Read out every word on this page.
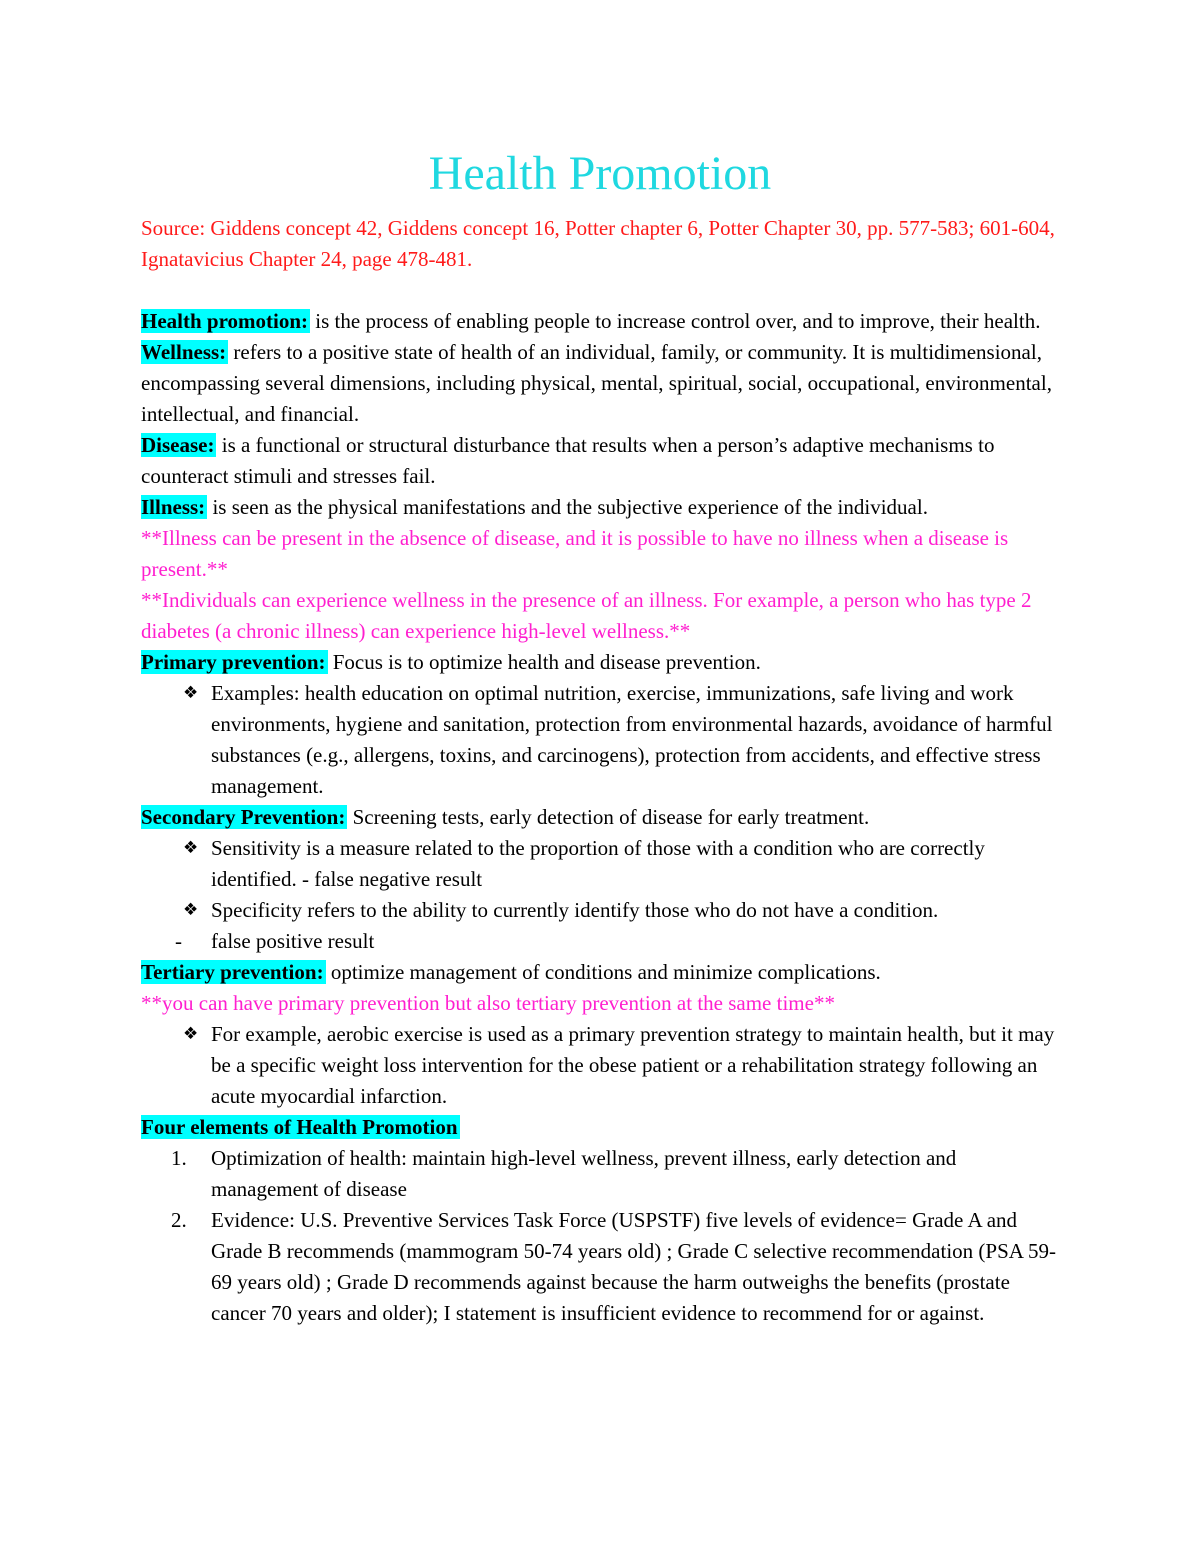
Health Promotion

Source: Giddens concept 42, Giddens concept 16, Potter chapter 6, Potter Chapter 30, pp. 577-583; 601-604, Ignatavicius Chapter 24, page 478-481.

Health promotion: is the process of enabling people to increase control over, and to improve, their health.

Wellness: refers to a positive state of health of an individual, family, or community. It is multidimensional, encompassing several dimensions, including physical, mental, spiritual, social, occupational, environmental, intellectual, and financial.

Disease: is a functional or structural disturbance that results when a person’s adaptive mechanisms to counteract stimuli and stresses fail.

Illness: is seen as the physical manifestations and the subjective experience of the individual.

**Illness can be present in the absence of disease, and it is possible to have no illness when a disease is present.**

**Individuals can experience wellness in the presence of an illness. For example, a person who has type 2 diabetes (a chronic illness) can experience high-level wellness.**

Primary prevention: Focus is to optimize health and disease prevention.

❖ Examples: health education on optimal nutrition, exercise, immunizations, safe living and work environments, hygiene and sanitation, protection from environmental hazards, avoidance of harmful substances (e.g., allergens, toxins, and carcinogens), protection from accidents, and effective stress management.

Secondary Prevention: Screening tests, early detection of disease for early treatment.

❖ Sensitivity is a measure related to the proportion of those with a condition who are correctly identified. - false negative result
❖ Specificity refers to the ability to currently identify those who do not have a condition.

- false positive result

Tertiary prevention: optimize management of conditions and minimize complications.

**you can have primary prevention but also tertiary prevention at the same time**

❖ For example, aerobic exercise is used as a primary prevention strategy to maintain health, but it may be a specific weight loss intervention for the obese patient or a rehabilitation strategy following an acute myocardial infarction.

Four elements of Health Promotion

1. Optimization of health: maintain high-level wellness, prevent illness, early detection and management of disease
2. Evidence: U.S. Preventive Services Task Force (USPSTF) five levels of evidence= Grade A and Grade B recommends (mammogram 50-74 years old) ; Grade C selective recommendation (PSA 59-69 years old) ; Grade D recommends against because the harm outweighs the benefits (prostate cancer 70 years and older); I statement is insufficient evidence to recommend for or against.
